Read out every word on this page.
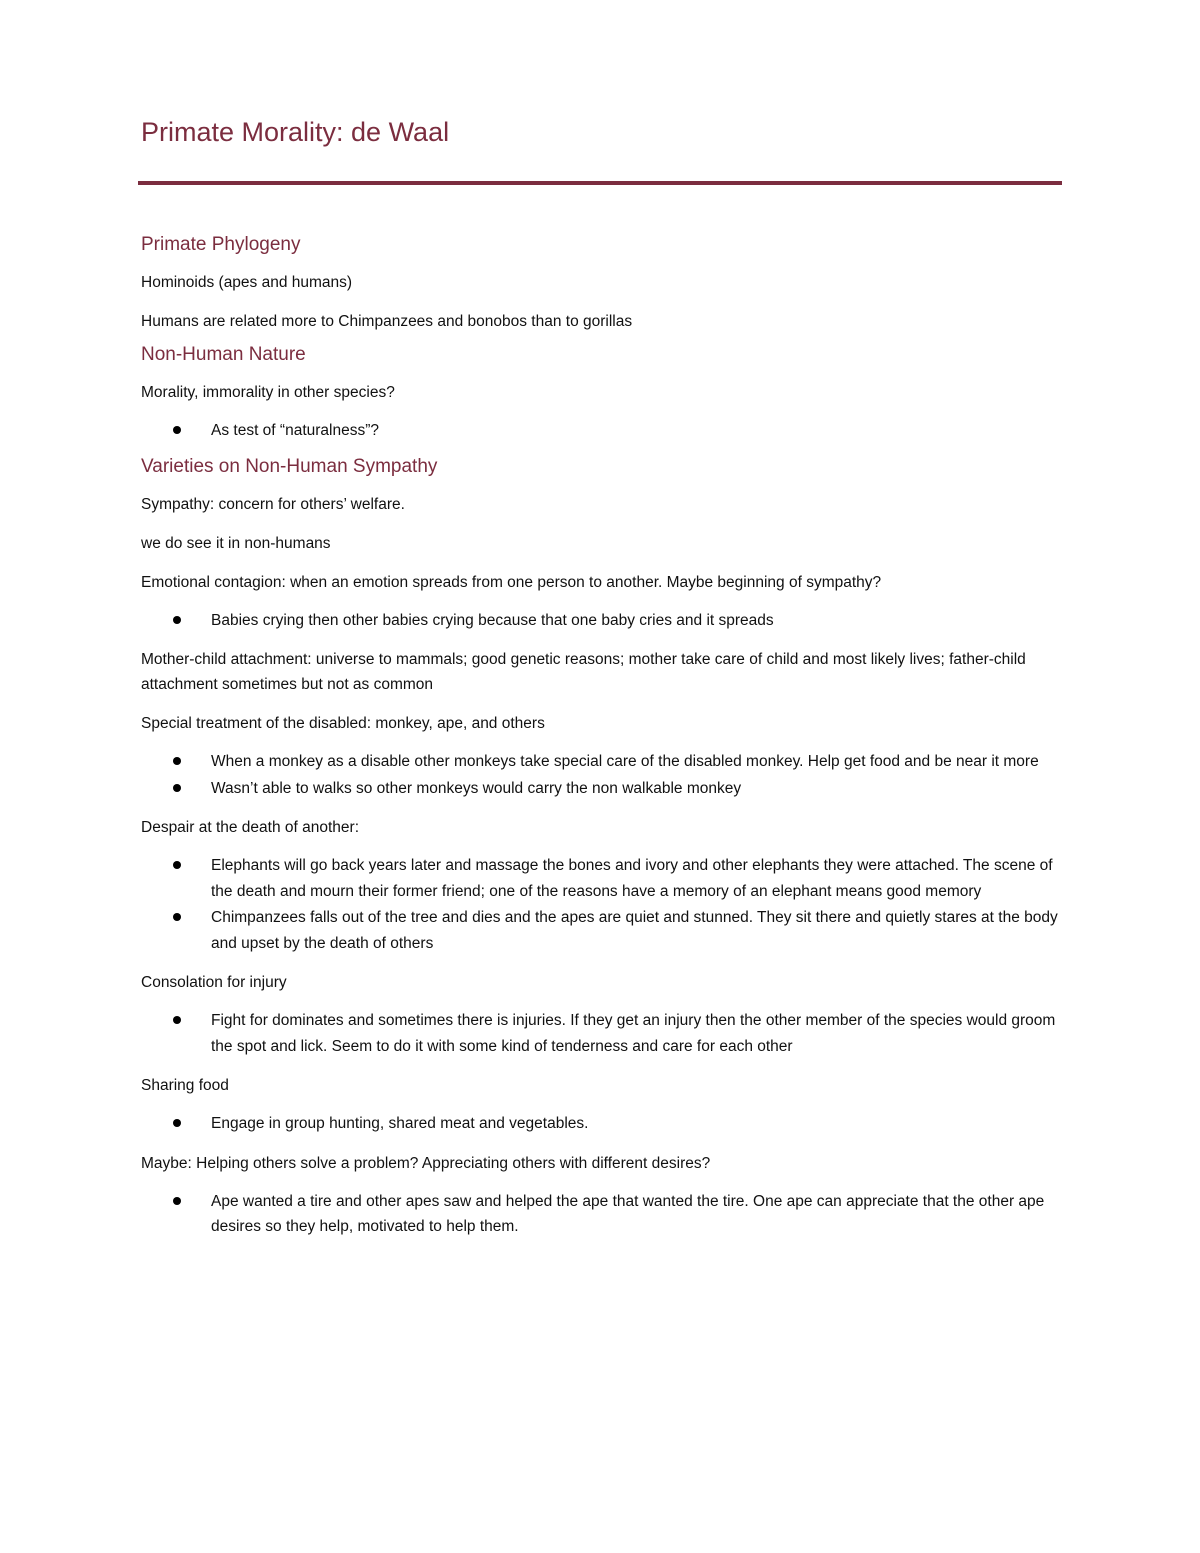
Primate Morality: de Waal
Primate Phylogeny

Hominoids (apes and humans)

Humans are related more to Chimpanzees and bonobos than to gorillas

Non-Human Nature

Morality, immorality in other species?

As test of “naturalness”?
Varieties on Non-Human Sympathy

Sympathy: concern for others’ welfare.

we do see it in non-humans

Emotional contagion: when an emotion spreads from one person to another. Maybe beginning of sympathy?

Babies crying then other babies crying because that one baby cries and it spreads

Mother-child attachment: universe to mammals; good genetic reasons; mother take care of child and most likely lives; father-child attachment sometimes but not as common

Special treatment of the disabled: monkey, ape, and others

When a monkey as a disable other monkeys take special care of the disabled monkey. Help get food and be near it more
Wasn’t able to walks so other monkeys would carry the non walkable monkey

Despair at the death of another:

Elephants will go back years later and massage the bones and ivory and other elephants they were attached. The scene of the death and mourn their former friend; one of the reasons have a memory of an elephant means good memory
Chimpanzees falls out of the tree and dies and the apes are quiet and stunned. They sit there and quietly stares at the body and upset by the death of others

Consolation for injury

Fight for dominates and sometimes there is injuries. If they get an injury then the other member of the species would groom the spot and lick. Seem to do it with some kind of tenderness and care for each other

Sharing food

Engage in group hunting, shared meat and vegetables.

Maybe: Helping others solve a problem? Appreciating others with different desires?

Ape wanted a tire and other apes saw and helped the ape that wanted the tire. One ape can appreciate that the other ape desires so they help, motivated to help them.
